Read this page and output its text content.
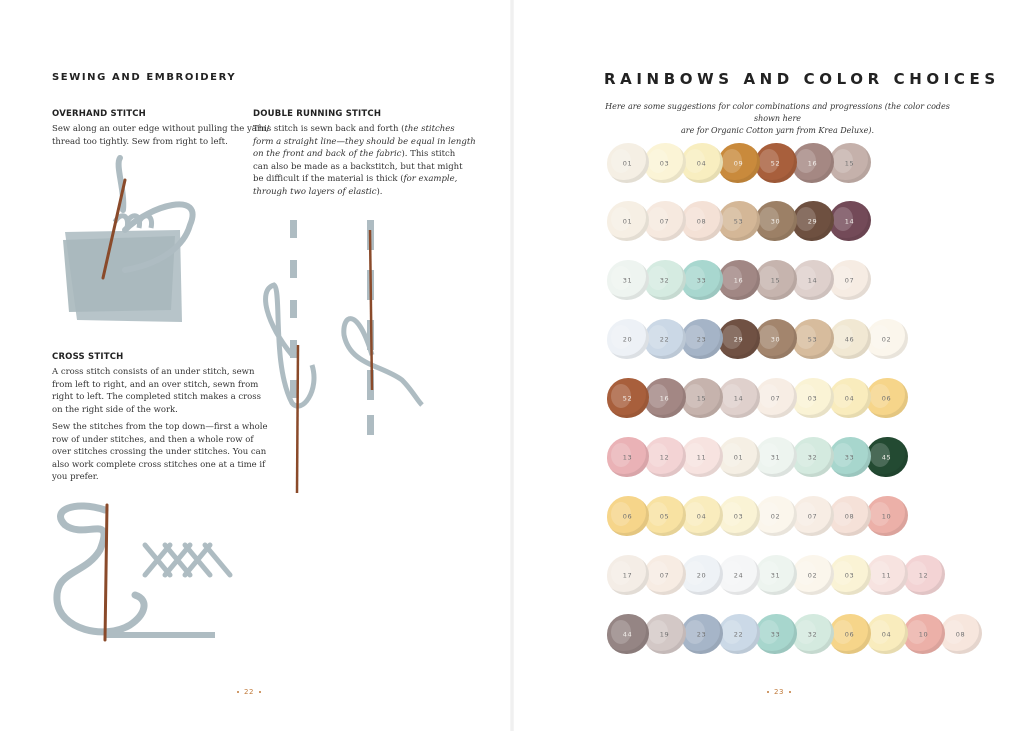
SEWING AND EMBROIDERY
OVERHAND STITCH
Sew along an outer edge without pulling the yarn/
thread too tightly. Sew from right to left.
DOUBLE RUNNING STITCH
This stitch is sewn back and forth (the stitches
form a straight line—they should be equal in length
on the front and back of the fabric). This stitch
can also be made as a backstitch, but that might
be difficult if the material is thick (for example,
through two layers of elastic).
CROSS STITCH
A cross stitch consists of an under stitch, sewn
from left to right, and an over stitch, sewn from
right to left. The completed stitch makes a cross
on the right side of the work.
Sew the stitches from the top down—first a whole
row of under stitches, and then a whole row of
over stitches crossing the under stitches. You can
also work complete cross stitches one at a time if
you prefer.
22
RAINBOWS AND COLOR CHOICES
Here are some suggestions for color combinations and progressions (the color codes shown here
are for Organic Cotton yarn from Krea Deluxe).
01	03	04	09	52	16	15
01	07	08	53	30	29	14
31	32	33	16	15	14	07
20	22	23	29	30	53	46	02
52	16	15	14	07	03	04	06
13	12	11	01	31	32	33	45
06	05	04	03	02	07	08	10
17	07	20	24	31	02	03	11	12
44	19	23	22	33	32	06	04	10	08
23
